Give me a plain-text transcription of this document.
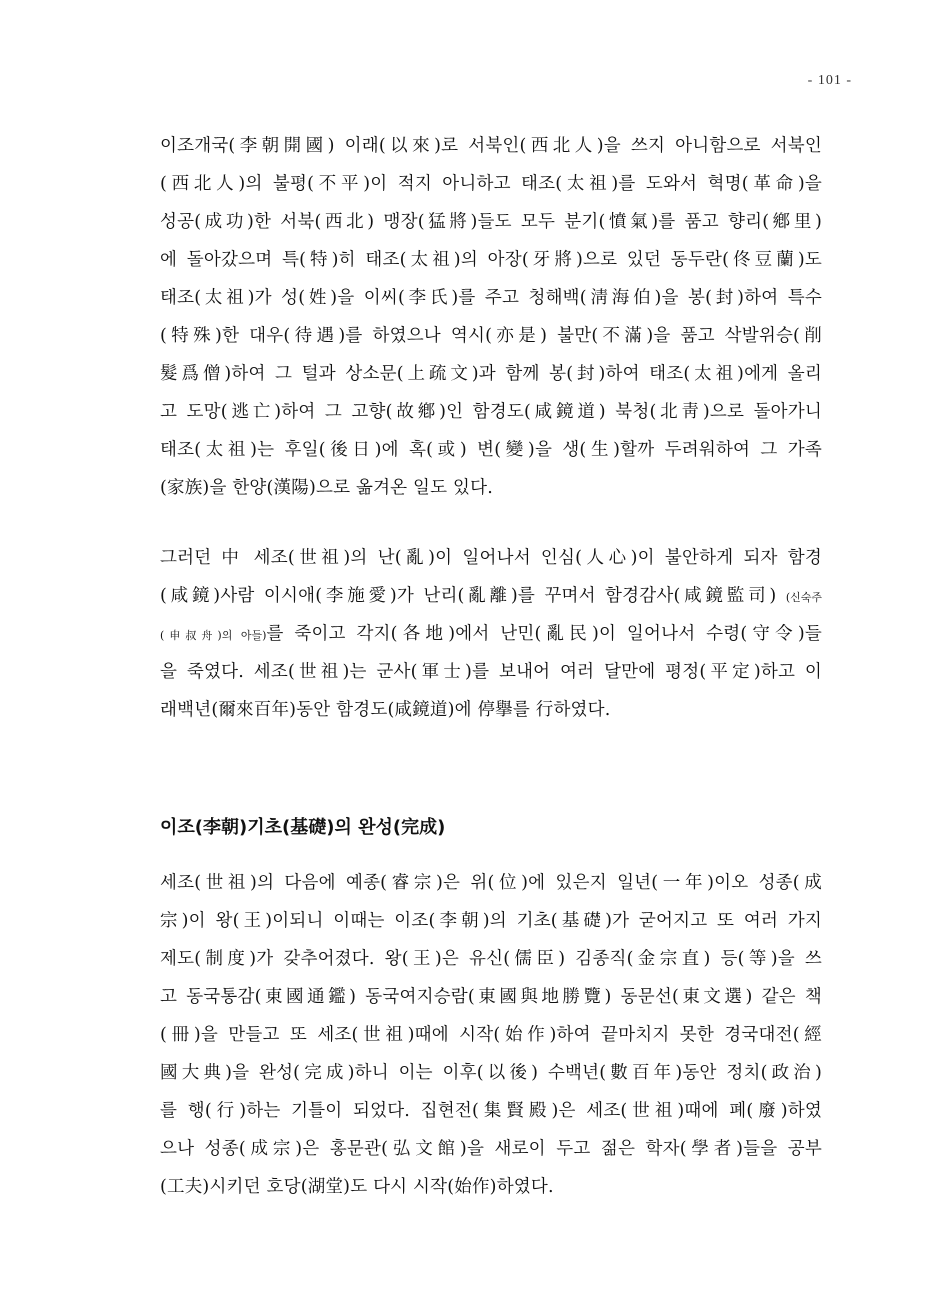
- 101 -
이조개국(李朝開國) 이래(以來)로 서북인(西北人)을 쓰지 아니함으로 서북인
(西北人)의 불평(不平)이 적지 아니하고 태조(太祖)를 도와서 혁명(革命)을
성공(成功)한 서북(西北) 맹장(猛將)들도 모두 분기(憤氣)를 품고 향리(鄕里)
에 돌아갔으며 특(特)히 태조(太祖)의 아장(牙將)으로 있던 동두란(佟豆蘭)도
태조(太祖)가 성(姓)을 이씨(李氏)를 주고 청해백(淸海伯)을 봉(封)하여 특수
(特殊)한 대우(待遇)를 하였으나 역시(亦是) 불만(不滿)을 품고 삭발위승(削
髮爲僧)하여 그 털과 상소문(上疏文)과 함께 봉(封)하여 태조(太祖)에게 올리
고 도망(逃亡)하여 그 고향(故鄕)인 함경도(咸鏡道) 북청(北靑)으로 돌아가니
태조(太祖)는 후일(後日)에 혹(或) 변(變)을 생(生)할까 두려워하여 그 가족
(家族)을 한양(漢陽)으로 옮겨온 일도 있다.
그러던 中 세조(世祖)의 난(亂)이 일어나서 인심(人心)이 불안하게 되자 함경
(咸鏡)사람 이시애(李施愛)가 난리(亂離)를 꾸며서 함경감사(咸鏡監司) (신숙주
(申叔舟)의 아들)를 죽이고 각지(各地)에서 난민(亂民)이 일어나서 수령(守令)들
을 죽였다. 세조(世祖)는 군사(軍士)를 보내어 여러 달만에 평정(平定)하고 이
래백년(爾來百年)동안 함경도(咸鏡道)에 停擧를 行하였다.
이조(李朝)기초(基礎)의 완성(完成)
세조(世祖)의 다음에 예종(睿宗)은 위(位)에 있은지 일년(一年)이오 성종(成
宗)이 왕(王)이되니 이때는 이조(李朝)의 기초(基礎)가 굳어지고 또 여러 가지
제도(制度)가 갖추어졌다. 왕(王)은 유신(儒臣) 김종직(金宗直) 등(等)을 쓰
고 동국통감(東國通鑑) 동국여지승람(東國與地勝覽) 동문선(東文選) 같은 책
(冊)을 만들고 또 세조(世祖)때에 시작(始作)하여 끝마치지 못한 경국대전(經
國大典)을 완성(完成)하니 이는 이후(以後) 수백년(數百年)동안 정치(政治)
를 행(行)하는 기틀이 되었다. 집현전(集賢殿)은 세조(世祖)때에 폐(廢)하였
으나 성종(成宗)은 홍문관(弘文館)을 새로이 두고 젊은 학자(學者)들을 공부
(工夫)시키던 호당(湖堂)도 다시 시작(始作)하였다.
